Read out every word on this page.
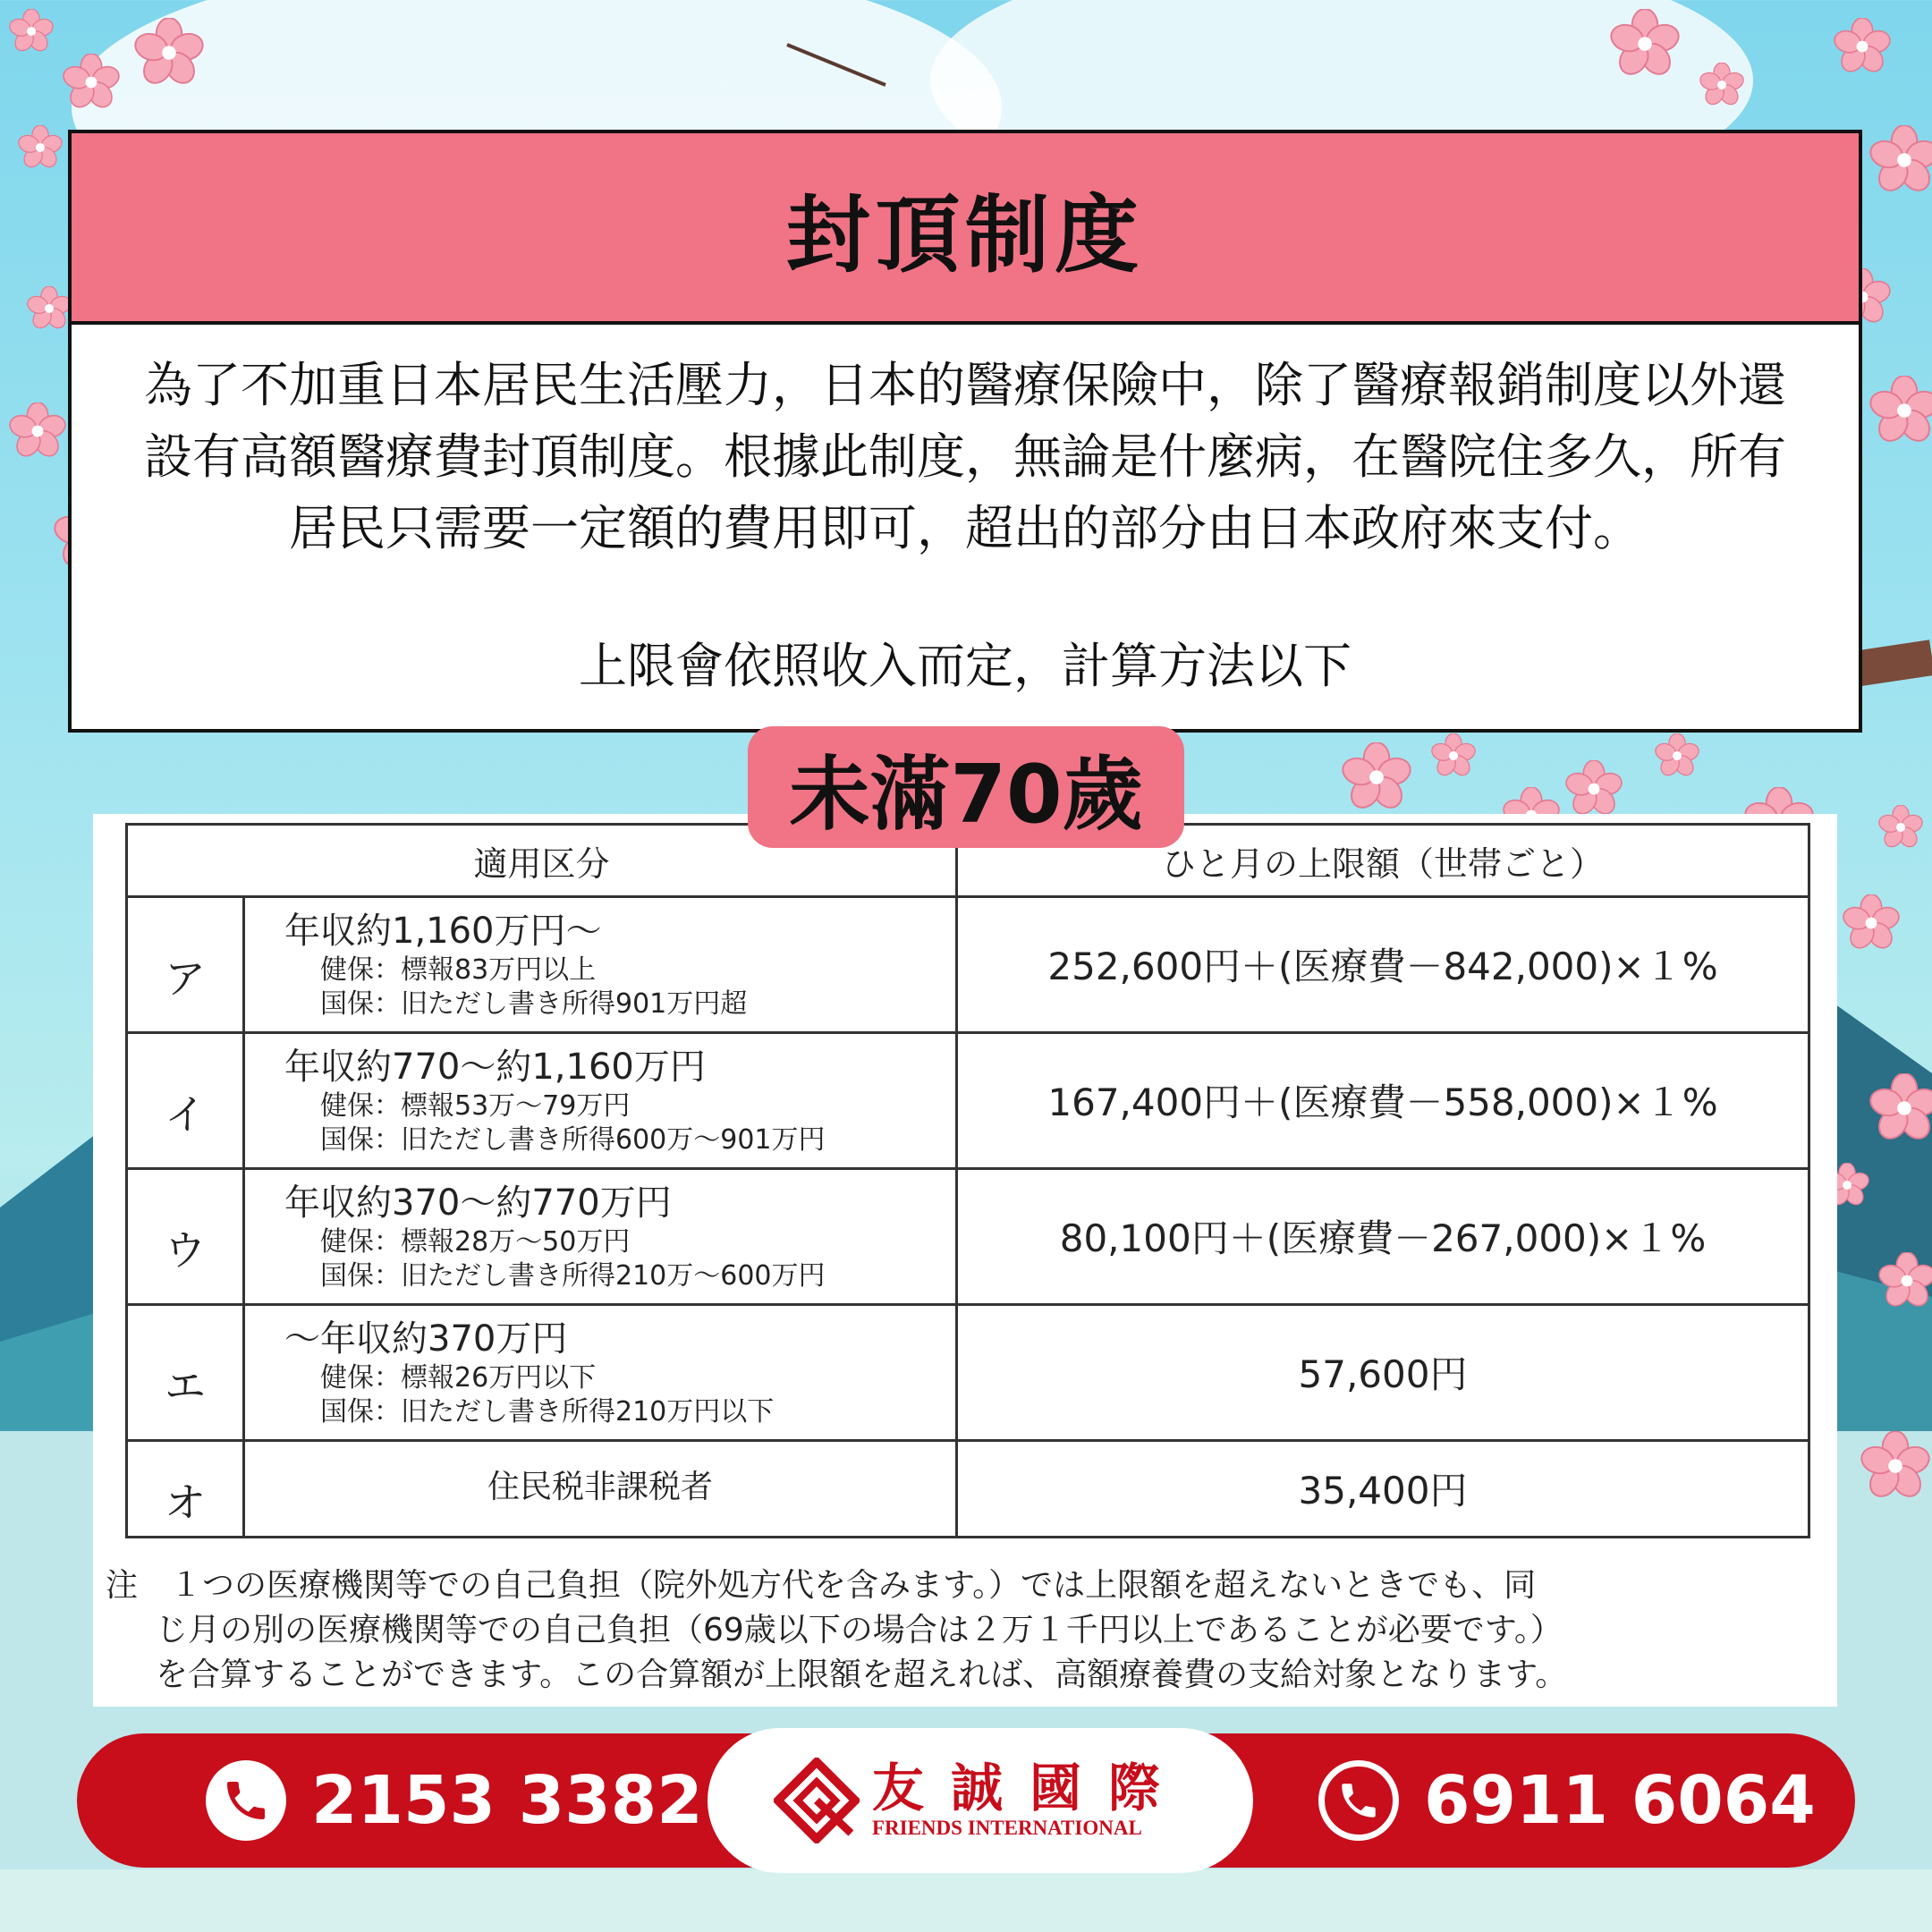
封頂制度

為了不加重日本居民生活壓力，日本的醫療保險中，除了醫療報銷制度以外還

設有高額醫療費封頂制度。根據此制度，無論是什麼病，在醫院住多久，所有

居民只需要一定額的費用即可，超出的部分由日本政府來支付。

上限會依照收入而定，計算方法以下

未滿70歲
適用区分		ひと月の上限額（世帯ごと）
ア	年収約1,160万円～
健保：標報83万円以上
国保：旧ただし書き所得901万円超	252,600円＋(医療費－842,000)×１%
イ	年収約770～約1,160万円
健保：標報53万～79万円
国保：旧ただし書き所得600万～901万円	167,400円＋(医療費－558,000)×１%
ウ	年収約370～約770万円
健保：標報28万～50万円
国保：旧ただし書き所得210万～600万円	80,100円＋(医療費－267,000)×１%
エ	～年収約370万円
健保：標報26万円以下
国保：旧ただし書き所得210万円以下	57,600円
オ	住民税非課税者	35,400円
注　１つの医療機関等での自己負担（院外処方代を含みます。）では上限額を超えないときでも、同
じ月の別の医療機関等での自己負担（69歳以下の場合は２万１千円以上であることが必要です。）
を合算することができます。この合算額が上限額を超えれば、高額療養費の支給対象となります。
2153 3382	友誠國際
FRIENDS INTERNATIONAL	6911 6064
